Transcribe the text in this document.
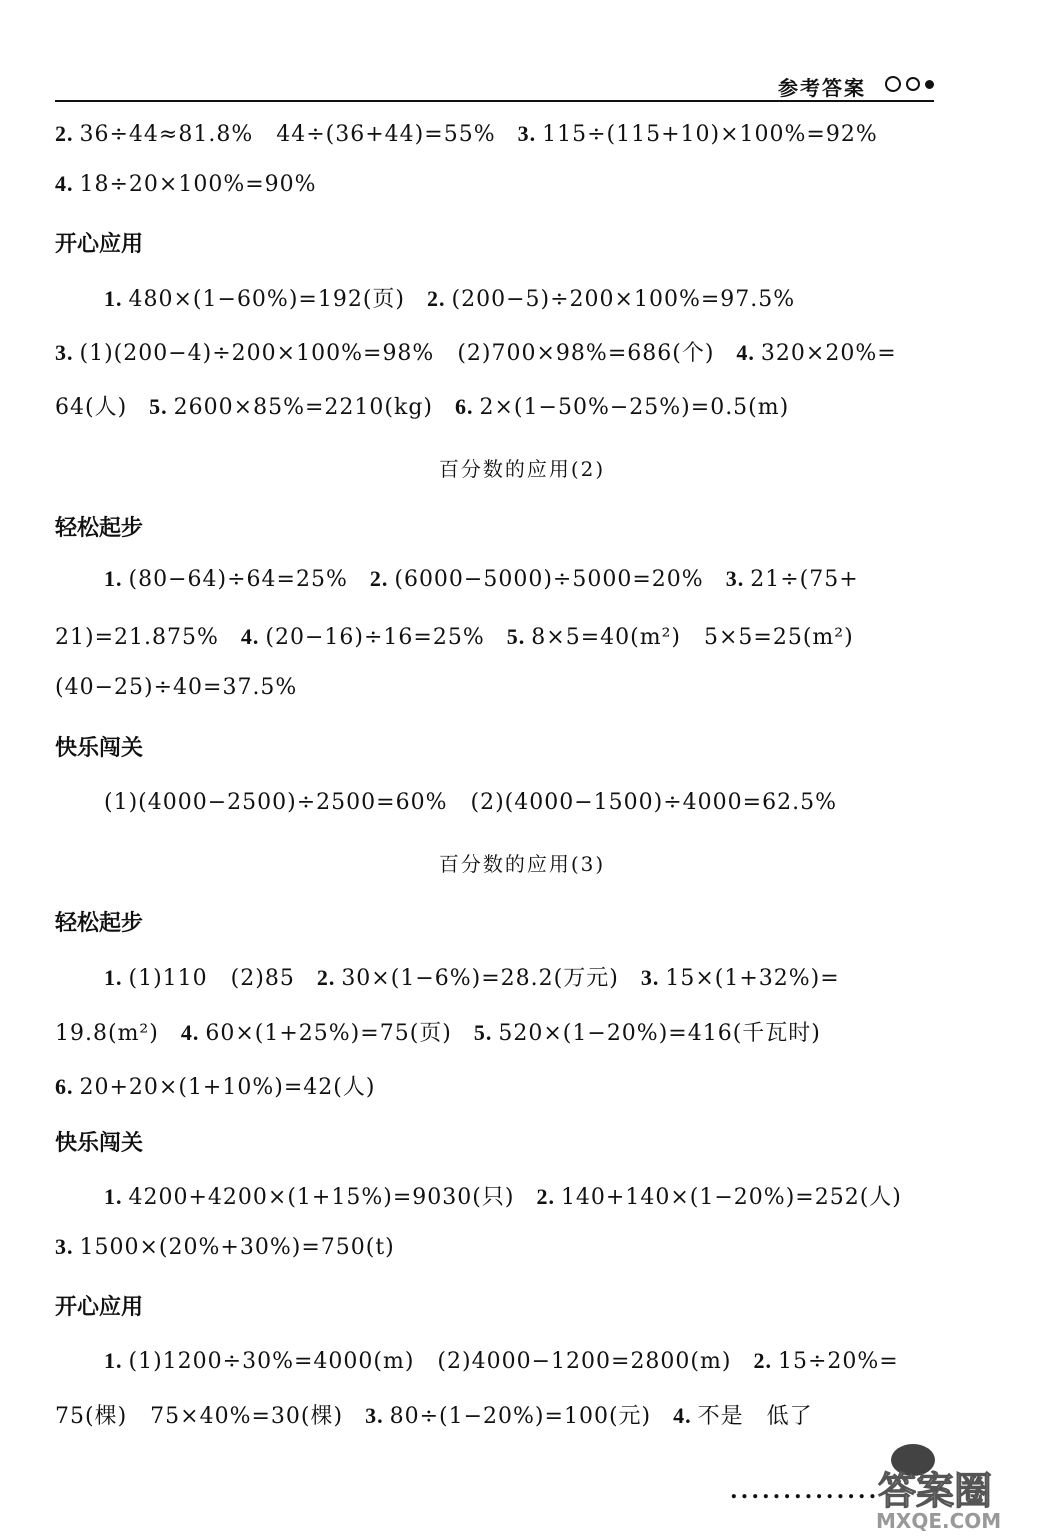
参考答案
2. 36÷44≈81.8%　44÷(36+44)=55% 3. 115÷(115+10)×100%=92%
4. 18÷20×100%=90%
开心应用
1. 480×(1−60%)=192(页) 2. (200−5)÷200×100%=97.5%
3. (1)(200−4)÷200×100%=98%　(2)700×98%=686(个) 4. 320×20%=
64(人) 5. 2600×85%=2210(kg) 6. 2×(1−50%−25%)=0.5(m)
百分数的应用(2)
轻松起步
1. (80−64)÷64=25% 2. (6000−5000)÷5000=20% 3. 21÷(75+
21)=21.875% 4. (20−16)÷16=25% 5. 8×5=40(m²)　5×5=25(m²)
(40−25)÷40=37.5%
快乐闯关
(1)(4000−2500)÷2500=60%　(2)(4000−1500)÷4000=62.5%
百分数的应用(3)
轻松起步
1. (1)110　(2)85 2. 30×(1−6%)=28.2(万元) 3. 15×(1+32%)=
19.8(m²) 4. 60×(1+25%)=75(页) 5. 520×(1−20%)=416(千瓦时)
6. 20+20×(1+10%)=42(人)
快乐闯关
1. 4200+4200×(1+15%)=9030(只) 2. 140+140×(1−20%)=252(人)
3. 1500×(20%+30%)=750(t)
开心应用
1. (1)1200÷30%=4000(m)　(2)4000−1200=2800(m) 2. 15÷20%=
75(棵)　75×40%=30(棵) 3. 80÷(1−20%)=100(元) 4. 不是　低了
..............
答案圈
MXQE.COM
